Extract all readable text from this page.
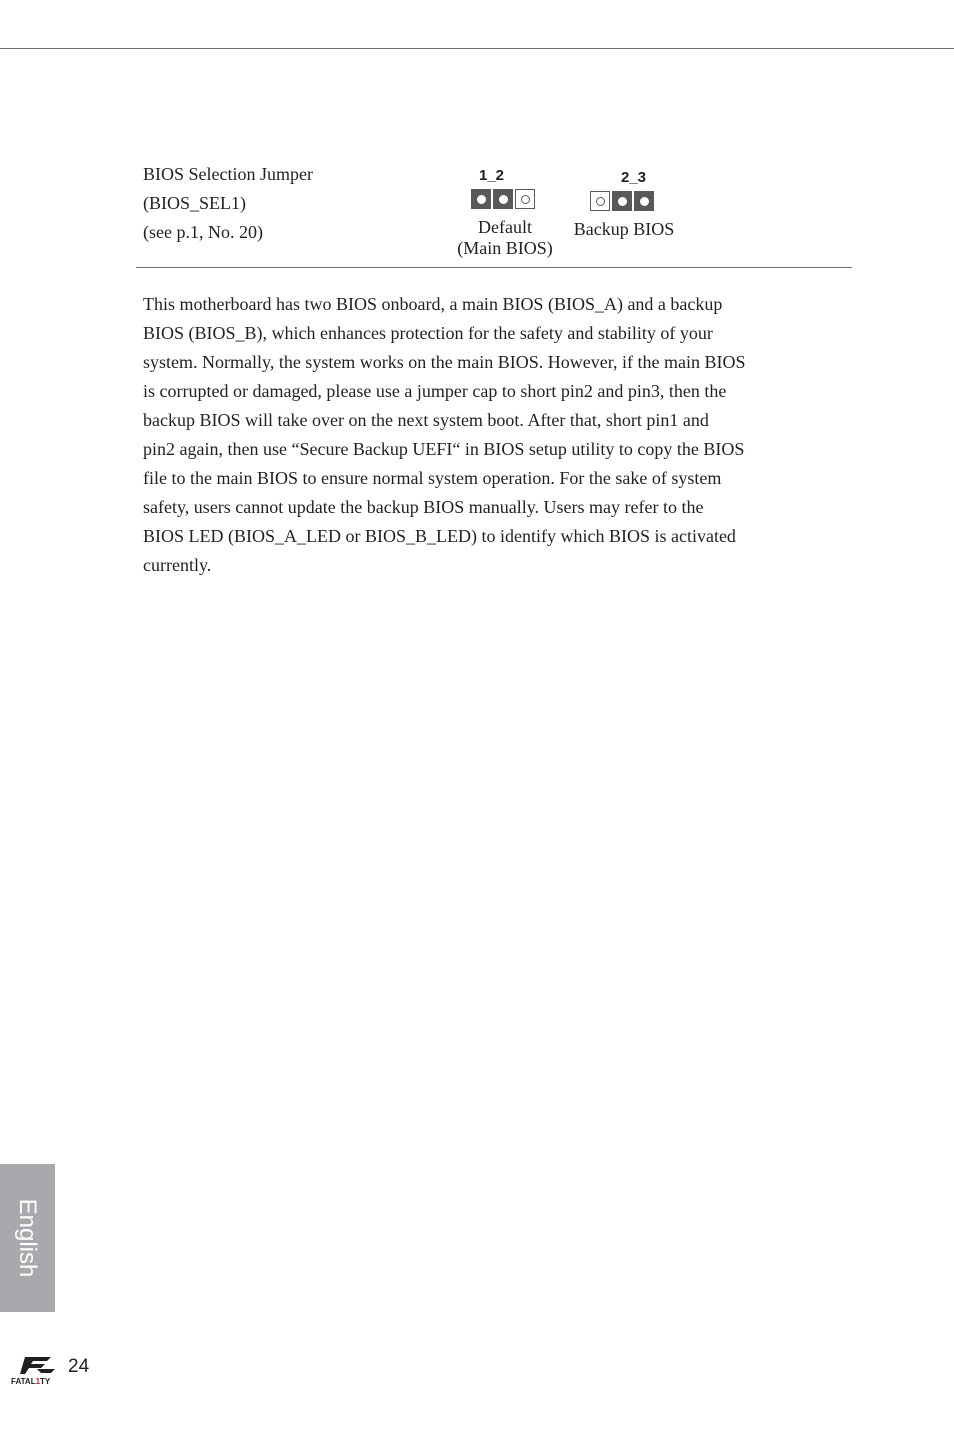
BIOS Selection Jumper
(BIOS_SEL1)
(see p.1, No. 20)
1_2
Default
(Main BIOS)
2_3
Backup BIOS
This motherboard has two BIOS onboard, a main BIOS (BIOS_A) and a backup
BIOS (BIOS_B), which enhances protection for the safety and stability of your
system. Normally, the system works on the main BIOS. However, if the main BIOS
is corrupted or damaged, please use a jumper cap to short pin2 and pin3, then the
backup BIOS will take over on the next system boot. After that, short pin1 and
pin2 again, then use “Secure Backup UEFI“ in BIOS setup utility to copy the BIOS
file to the main BIOS to ensure normal system operation. For the sake of system
safety, users cannot update the backup BIOS manually. Users may refer to the
BIOS LED (BIOS_A_LED or BIOS_B_LED) to identify which BIOS is activated
currently.
English
FATAL1TY
24
